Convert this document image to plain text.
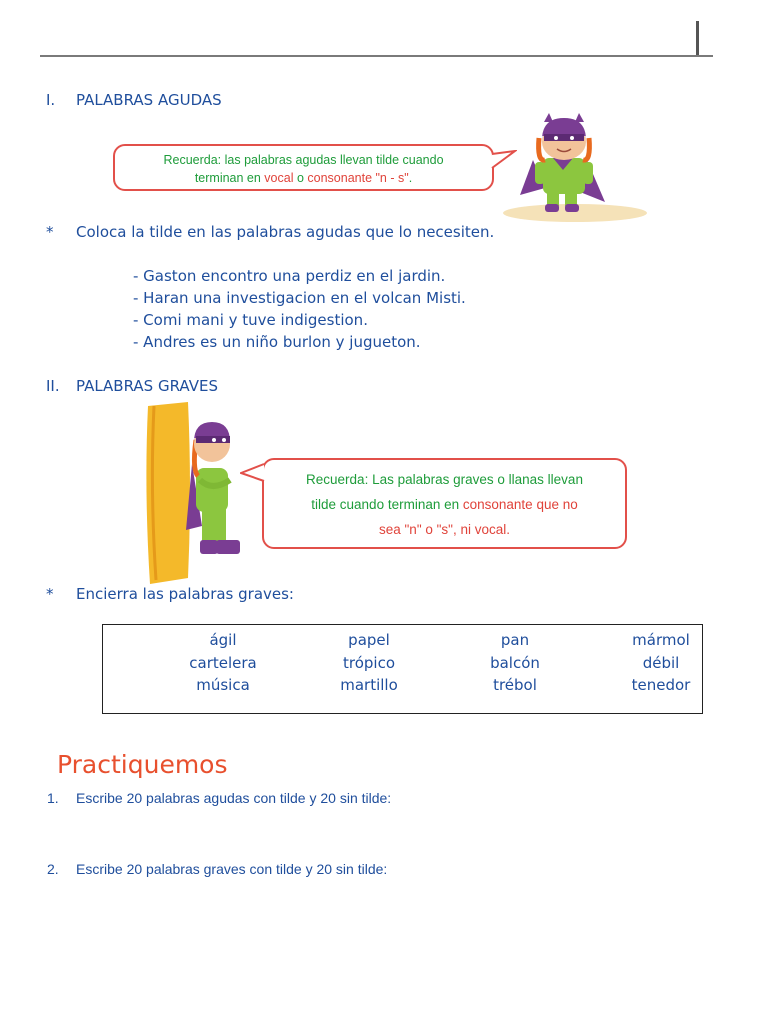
I. PALABRAS AGUDAS
Recuerda: las palabras agudas llevan tilde cuando
terminan en vocal o consonante "n - s".
* Coloca la tilde en las palabras agudas que lo necesiten.
- Gaston encontro una perdiz en el jardin.
- Haran una investigacion en el volcan Misti.
- Comi mani y tuve indigestion.
- Andres es un niño burlon y jugueton.
II. PALABRAS GRAVES
Recuerda: Las palabras graves o llanas llevan
tilde cuando terminan en consonante que no
sea "n" o "s", ni vocal.
* Encierra las palabras graves:
ágil
cartelera
música
papel
trópico
martillo
pan
balcón
trébol
mármol
débil
tenedor
Practiquemos
1. Escribe 20 palabras agudas con tilde y 20 sin tilde:
2. Escribe 20 palabras graves con tilde y 20 sin tilde:
